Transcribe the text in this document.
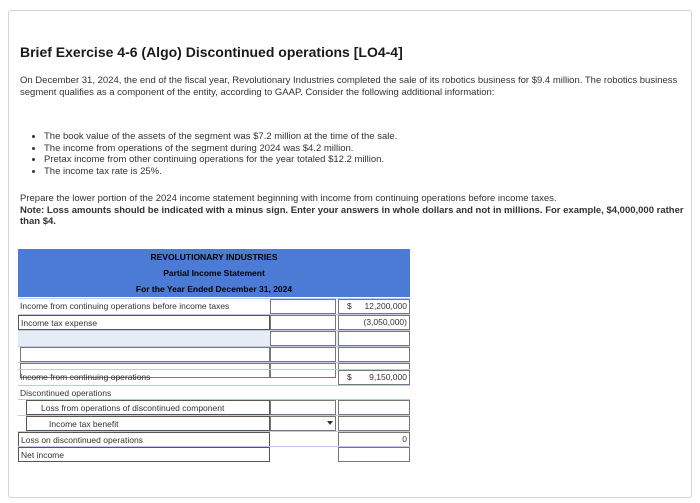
Brief Exercise 4-6 (Algo) Discontinued operations [LO4-4]

On December 31, 2024, the end of the fiscal year, Revolutionary Industries completed the sale of its robotics business for $9.4 million. The robotics business segment qualifies as a component of the entity, according to GAAP. Consider the following additional information:

• The book value of the assets of the segment was $7.2 million at the time of the sale.
• The income from operations of the segment during 2024 was $4.2 million.
• Pretax income from other continuing operations for the year totaled $12.2 million.
• The income tax rate is 25%.

Prepare the lower portion of the 2024 income statement beginning with income from continuing operations before income taxes.
Note: Loss amounts should be indicated with a minus sign. Enter your answers in whole dollars and not in millions. For example, $4,000,000 rather than $4.

REVOLUTIONARY INDUSTRIES
Partial Income Statement
For the Year Ended December 31, 2024
Income from continuing operations before income taxes	$ 12,200,000
Income tax expense	(3,050,000)
Income from continuing operations	$ 9,150,000
Discontinued operations
Loss from operations of discontinued component
Income tax benefit
Loss on discontinued operations	0
Net income
